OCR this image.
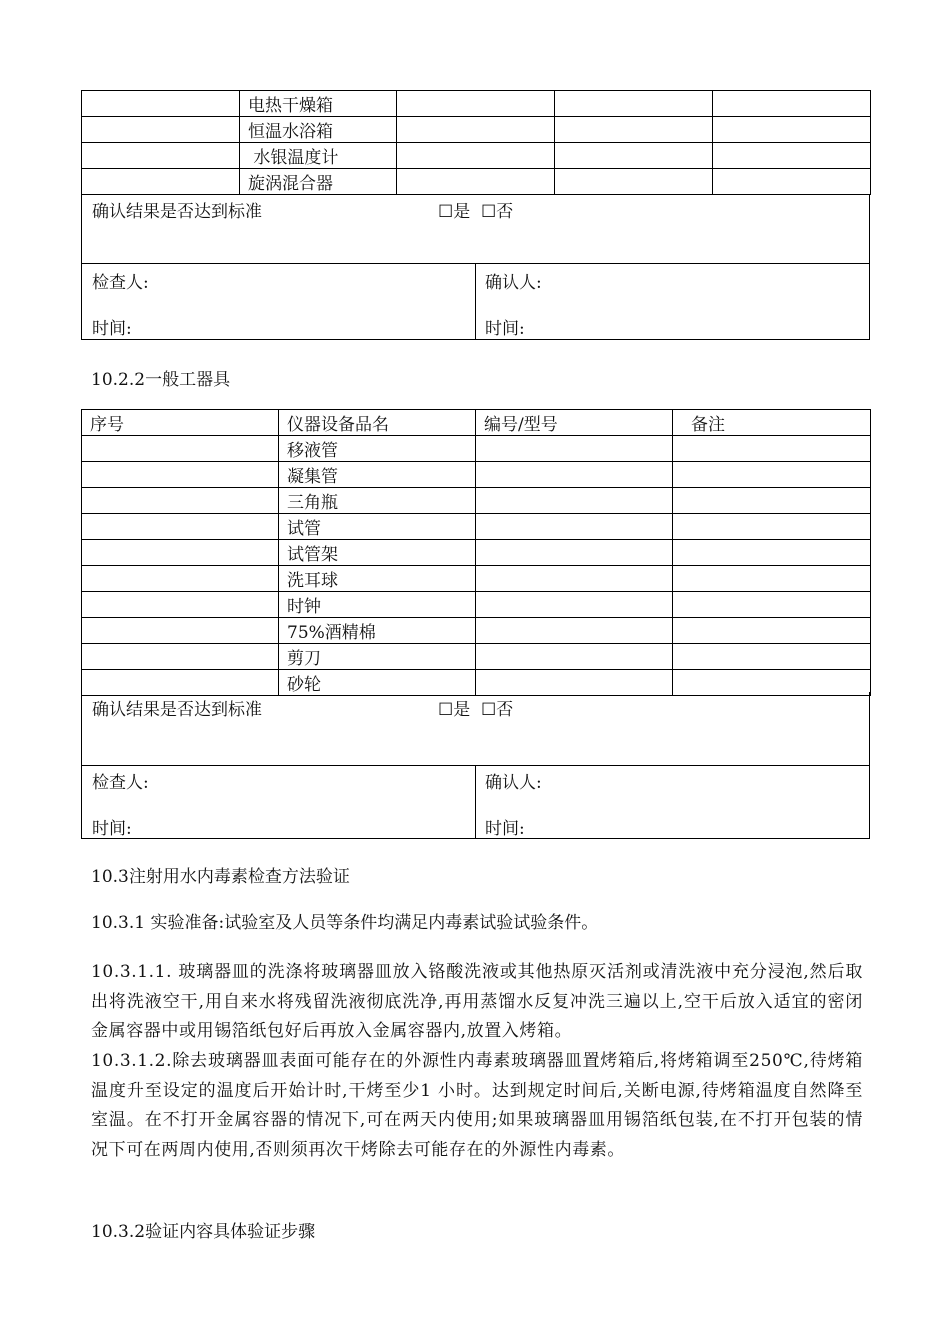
	电热干燥箱			
	恒温水浴箱			
	水银温度计			
	旋涡混合器			
确认结果是否达到标准	☐是  ☐否
检查人:
时间:
确认人:
时间:
10.2.2一般工器具
序号	仪器设备品名	编号/型号	备注
	移液管		
	凝集管		
	三角瓶		
	试管		
	试管架		
	洗耳球		
	时钟		
	75%酒精棉		
	剪刀		
	砂轮		
确认结果是否达到标准	☐是  ☐否
检查人:
时间:
确认人:
时间:
10.3注射用水内毒素检查方法验证
10.3.1 实验准备:试验室及人员等条件均满足内毒素试验试验条件。
10.3.1.1. 玻璃器皿的洗涤将玻璃器皿放入铬酸洗液或其他热原灭活剂或清洗液中充分浸泡,然后取出将洗液空干,用自来水将残留洗液彻底洗净,再用蒸馏水反复冲洗三遍以上,空干后放入适宜的密闭金属容器中或用锡箔纸包好后再放入金属容器内,放置入烤箱。
10.3.1.2.除去玻璃器皿表面可能存在的外源性内毒素玻璃器皿置烤箱后,将烤箱调至250℃,待烤箱温度升至设定的温度后开始计时,干烤至少1 小时。达到规定时间后,关断电源,待烤箱温度自然降至室温。在不打开金属容器的情况下,可在两天内使用;如果玻璃器皿用锡箔纸包装,在不打开包装的情况下可在两周内使用,否则须再次干烤除去可能存在的外源性内毒素。
10.3.2验证内容具体验证步骤
